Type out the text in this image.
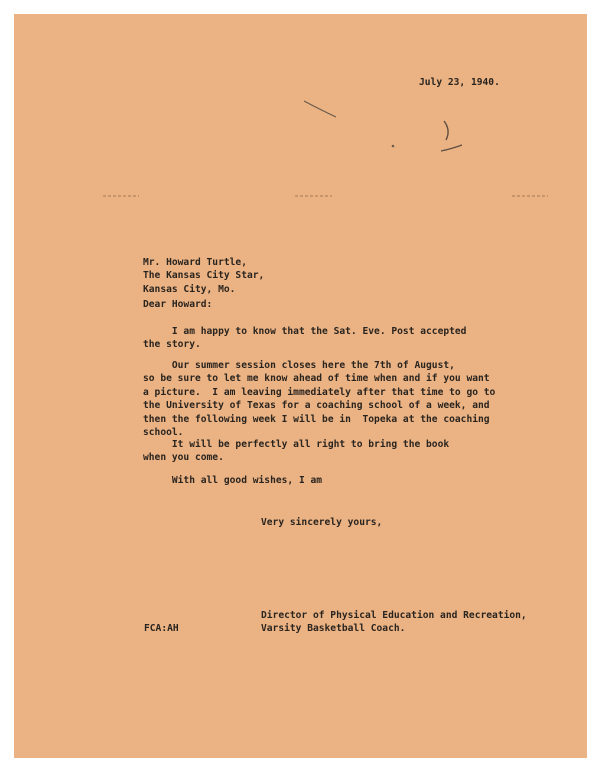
July 23, 1940.
Mr. Howard Turtle,
The Kansas City Star,
Kansas City, Mo.
Dear Howard:
I am happy to know that the Sat. Eve. Post accepted
the story.
Our summer session closes here the 7th of August,
so be sure to let me know ahead of time when and if you want
a picture.  I am leaving immediately after that time to go to
the University of Texas for a coaching school of a week, and
then the following week I will be in  Topeka at the coaching
school.
It will be perfectly all right to bring the book
when you come.
With all good wishes, I am
Very sincerely yours,
Director of Physical Education and Recreation,
Varsity Basketball Coach.
FCA:AH
